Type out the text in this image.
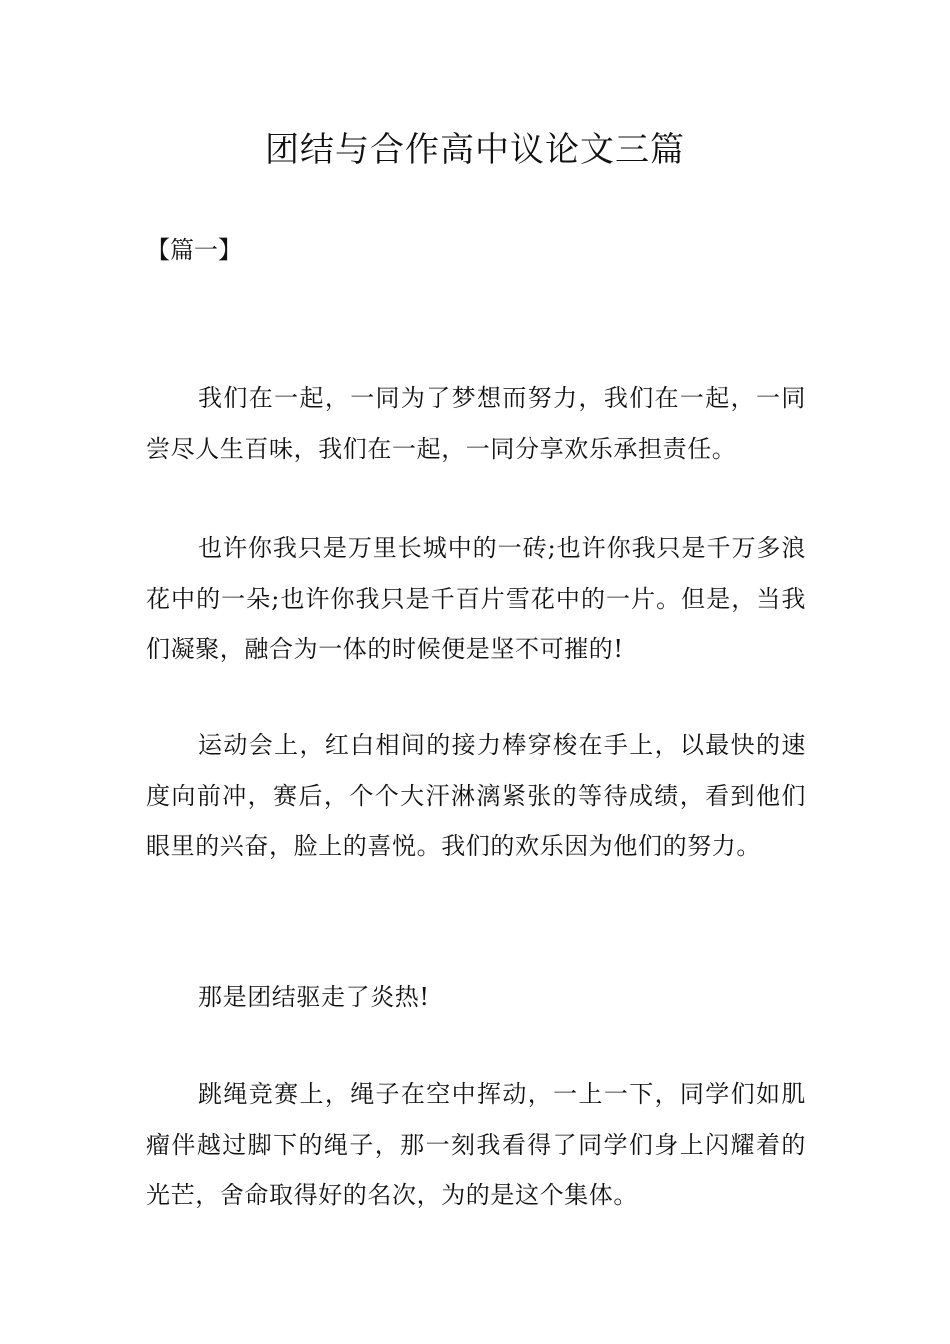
团结与合作高中议论文三篇

【篇一】

我们在一起，一同为了梦想而努力，我们在一起，一同尝尽人生百味，我们在一起，一同分享欢乐承担责任。

也许你我只是万里长城中的一砖;也许你我只是千万多浪花中的一朵;也许你我只是千百片雪花中的一片。但是，当我们凝聚，融合为一体的时候便是坚不可摧的!

运动会上，红白相间的接力棒穿梭在手上，以最快的速度向前冲，赛后，个个大汗淋漓紧张的等待成绩，看到他们眼里的兴奋，脸上的喜悦。我们的欢乐因为他们的努力。

那是团结驱走了炎热!

跳绳竞赛上，绳子在空中挥动，一上一下，同学们如肌瘤伴越过脚下的绳子，那一刻我看得了同学们身上闪耀着的光芒，舍命取得好的名次，为的是这个集体。
